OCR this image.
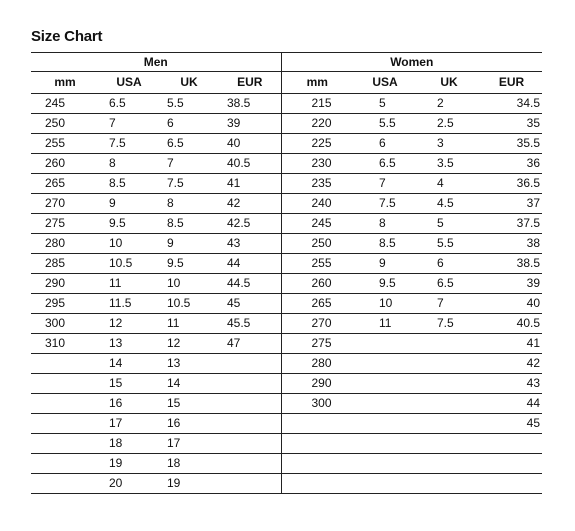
Size Chart
Men				Women			
mm	USA	UK	EUR	mm	USA	UK	EUR
245	6.5	5.5	38.5	215	5	2	34.5
250	7	6	39	220	5.5	2.5	35
255	7.5	6.5	40	225	6	3	35.5
260	8	7	40.5	230	6.5	3.5	36
265	8.5	7.5	41	235	7	4	36.5
270	9	8	42	240	7.5	4.5	37
275	9.5	8.5	42.5	245	8	5	37.5
280	10	9	43	250	8.5	5.5	38
285	10.5	9.5	44	255	9	6	38.5
290	11	10	44.5	260	9.5	6.5	39
295	11.5	10.5	45	265	10	7	40
300	12	11	45.5	270	11	7.5	40.5
310	13	12	47	275			41
	14	13		280			42
	15	14		290			43
	16	15		300			44
	17	16					45
	18	17					
	19	18					
	20	19					
